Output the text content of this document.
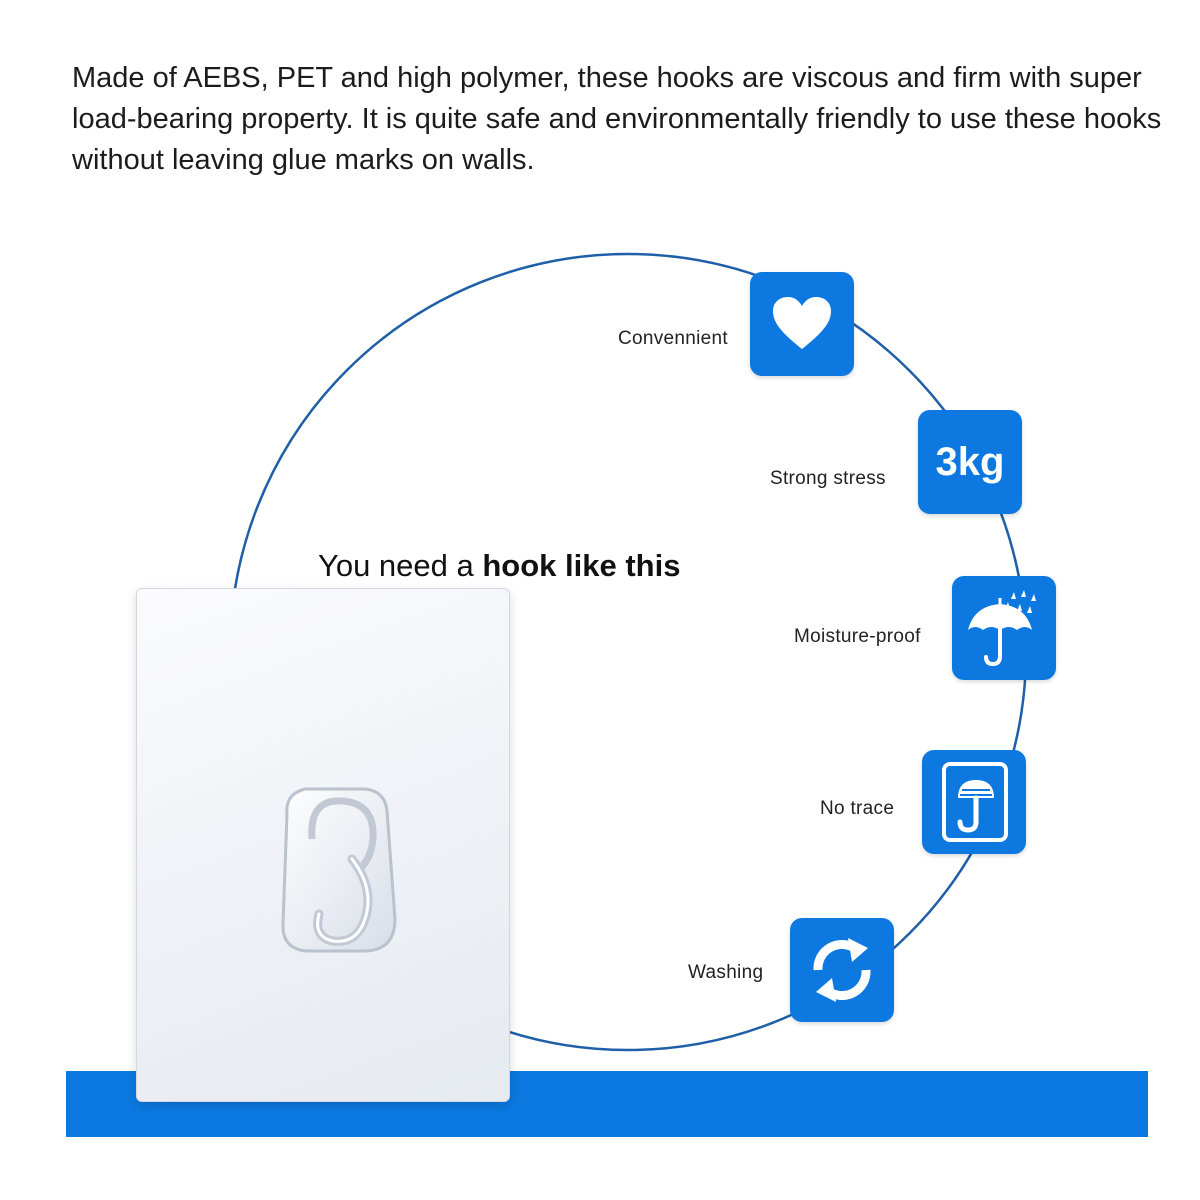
Made of AEBS, PET and high polymer, these hooks are viscous and firm with super load-bearing property. It is quite safe and environmentally friendly to use these hooks without leaving glue marks on walls.

You need a hook like this
Convennient
Strong stress 3kg
Moisture-proof
No trace
Washing
